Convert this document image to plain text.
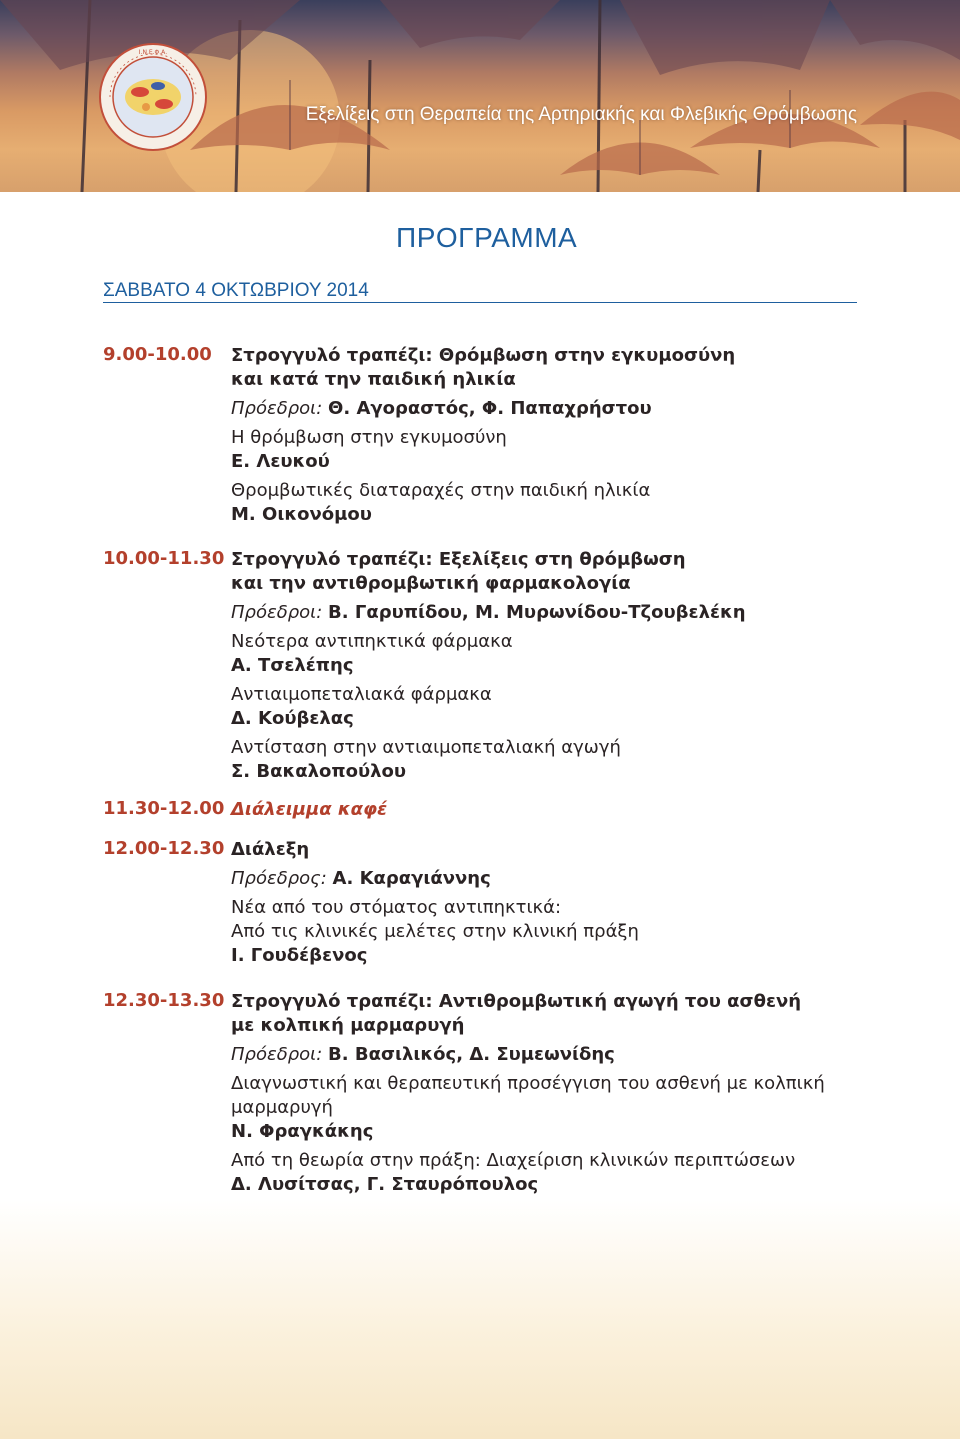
Ι.Ν.Ε.Φ.Α.
Εξελίξεις στη Θεραπεία της Αρτηριακής και Φλεβικής Θρόμβωσης
ΠΡΟΓΡΑΜΜΑ
ΣΑΒΒΑΤΟ 4 ΟΚΤΩΒΡΙΟΥ 2014
9.00-10.00	Στρογγυλό τραπέζι: Θρόμβωση στην εγκυμοσύνη
και κατά την παιδική ηλικία
Πρόεδροι: Θ. Αγοραστός, Φ. Παπαχρήστου
Η θρόμβωση στην εγκυμοσύνη
Ε. Λευκού
Θρομβωτικές διαταραχές στην παιδική ηλικία
Μ. Οικονόμου
10.00-11.30 Στρογγυλό τραπέζι: Εξελίξεις στη θρόμβωση
και την αντιθρομβωτική φαρμακολογία
Πρόεδροι: Β. Γαρυπίδου, Μ. Μυρωνίδου-Τζουβελέκη
Νεότερα αντιπηκτικά φάρμακα
Α. Τσελέπης
Αντιαιμοπεταλιακά φάρμακα
Δ. Κούβελας
Αντίσταση στην αντιαιμοπεταλιακή αγωγή
Σ. Βακαλοπούλου
11.30-12.00 Διάλειμμα καφέ
12.00-12.30 Διάλεξη
Πρόεδρος: Α. Καραγιάννης
Νέα από του στόματος αντιπηκτικά:
Από τις κλινικές μελέτες στην κλινική πράξη
Ι. Γουδέβενος
12.30-13.30 Στρογγυλό τραπέζι: Αντιθρομβωτική αγωγή του ασθενή
με κολπική μαρμαρυγή
Πρόεδροι: Β. Βασιλικός, Δ. Συμεωνίδης
Διαγνωστική και θεραπευτική προσέγγιση του ασθενή με κολπική
μαρμαρυγή
Ν. Φραγκάκης
Από τη θεωρία στην πράξη: Διαχείριση κλινικών περιπτώσεων
Δ. Λυσίτσας, Γ. Σταυρόπουλος
